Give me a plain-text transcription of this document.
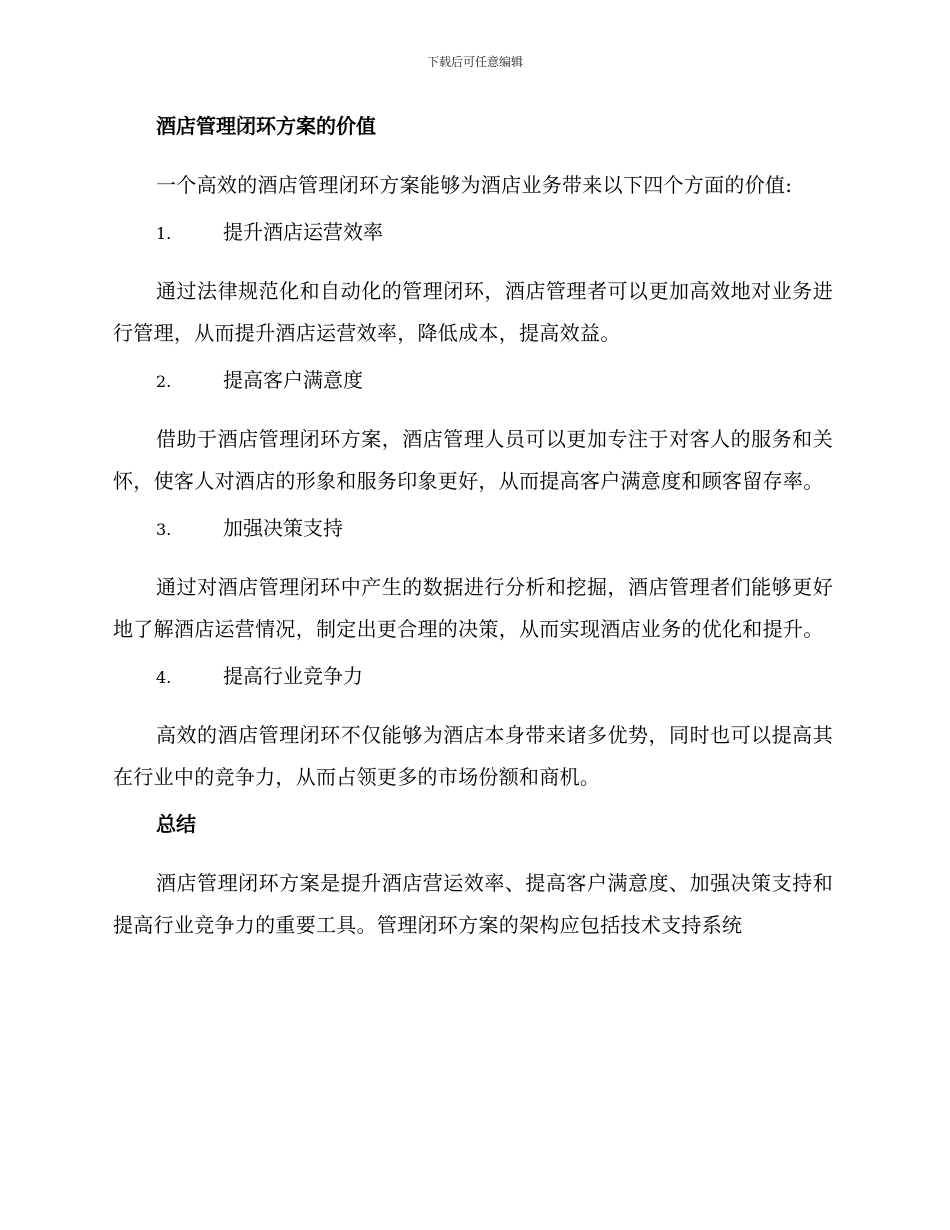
下载后可任意编辑
酒店管理闭环方案的价值
一个高效的酒店管理闭环方案能够为酒店业务带来以下四个方面的价值:
1.	提升酒店运营效率
通过法律规范化和自动化的管理闭环，酒店管理者可以更加高效地对业务进行管理，从而提升酒店运营效率，降低成本，提高效益。
2.	提高客户满意度
借助于酒店管理闭环方案，酒店管理人员可以更加专注于对客人的服务和关怀，使客人对酒店的形象和服务印象更好，从而提高客户满意度和顾客留存率。
3.	加强决策支持
通过对酒店管理闭环中产生的数据进行分析和挖掘，酒店管理者们能够更好地了解酒店运营情况，制定出更合理的决策，从而实现酒店业务的优化和提升。
4.	提高行业竞争力
高效的酒店管理闭环不仅能够为酒店本身带来诸多优势，同时也可以提高其在行业中的竞争力，从而占领更多的市场份额和商机。
总结
酒店管理闭环方案是提升酒店营运效率、提高客户满意度、加强决策支持和提高行业竞争力的重要工具。管理闭环方案的架构应包括技术支持系统
